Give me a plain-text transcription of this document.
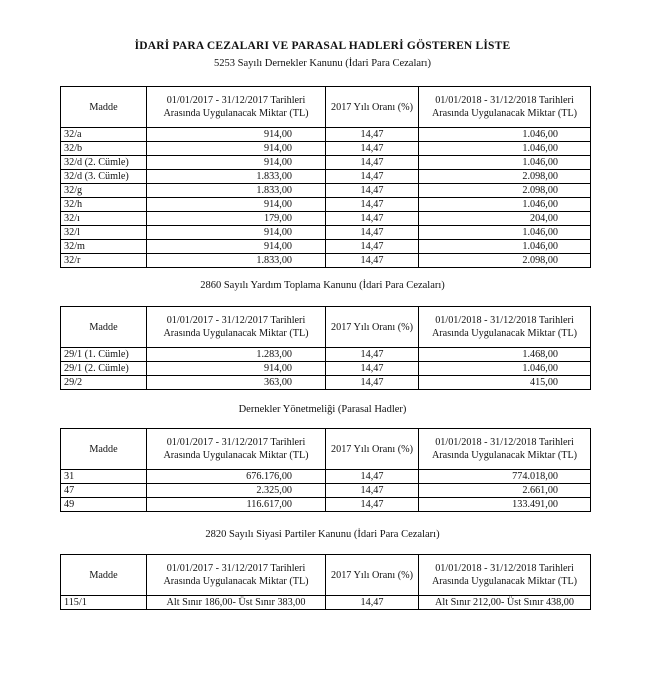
İDARİ PARA CEZALARI VE PARASAL HADLERİ GÖSTEREN LİSTE
5253 Sayılı Dernekler Kanunu (İdari Para Cezaları)
Madde	01/01/2017 - 31/12/2017 Tarihleri Arasında Uygulanacak Miktar (TL)	2017 Yılı Oranı (%)	01/01/2018 - 31/12/2018 Tarihleri Arasında Uygulanacak Miktar (TL)
32/a	914,00	14,47	1.046,00
32/b	914,00	14,47	1.046,00
32/d (2. Cümle)	914,00	14,47	1.046,00
32/d (3. Cümle)	1.833,00	14,47	2.098,00
32/g	1.833,00	14,47	2.098,00
32/h	914,00	14,47	1.046,00
32/ı	179,00	14,47	204,00
32/l	914,00	14,47	1.046,00
32/m	914,00	14,47	1.046,00
32/r	1.833,00	14,47	2.098,00
2860 Sayılı Yardım Toplama Kanunu (İdari Para Cezaları)
Madde	01/01/2017 - 31/12/2017 Tarihleri Arasında Uygulanacak Miktar (TL)	2017 Yılı Oranı (%)	01/01/2018 - 31/12/2018 Tarihleri Arasında Uygulanacak Miktar (TL)
29/1 (1. Cümle)	1.283,00	14,47	1.468,00
29/1 (2. Cümle)	914,00	14,47	1.046,00
29/2	363,00	14,47	415,00
Dernekler Yönetmeliği (Parasal Hadler)
Madde	01/01/2017 - 31/12/2017 Tarihleri Arasında Uygulanacak Miktar (TL)	2017 Yılı Oranı (%)	01/01/2018 - 31/12/2018 Tarihleri Arasında Uygulanacak Miktar (TL)
31	676.176,00	14,47	774.018,00
47	2.325,00	14,47	2.661,00
49	116.617,00	14,47	133.491,00
2820 Sayılı Siyasi Partiler Kanunu (İdari Para Cezaları)
Madde	01/01/2017 - 31/12/2017 Tarihleri Arasında Uygulanacak Miktar (TL)	2017 Yılı Oranı (%)	01/01/2018 - 31/12/2018 Tarihleri Arasında Uygulanacak Miktar (TL)
115/1	Alt Sınır 186,00- Üst Sınır 383,00	14,47	Alt Sınır 212,00- Üst Sınır 438,00
